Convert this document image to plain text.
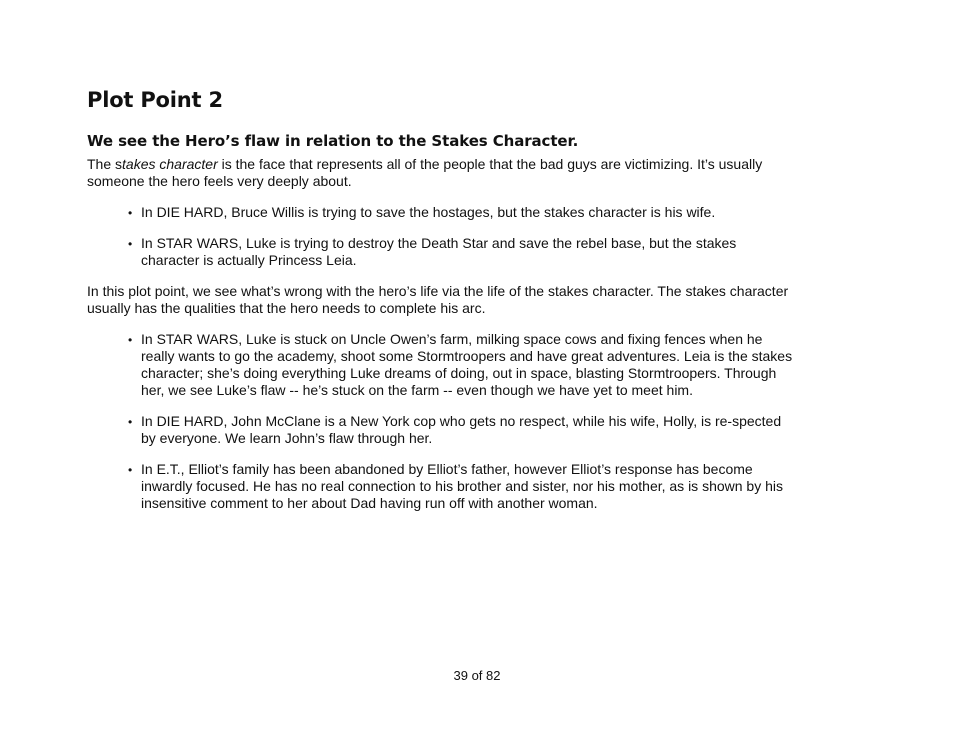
Plot Point 2
We see the Hero’s flaw in relation to the Stakes Character.

The stakes character is the face that represents all of the people that the bad guys are victimizing. It’s usually someone the hero feels very deeply about.

• In DIE HARD, Bruce Willis is trying to save the hostages, but the stakes character is his wife.
• In STAR WARS, Luke is trying to destroy the Death Star and save the rebel base, but the stakes character is actually Princess Leia.

In this plot point, we see what’s wrong with the hero’s life via the life of the stakes character. The stakes character usually has the qualities that the hero needs to complete his arc.

• In STAR WARS, Luke is stuck on Uncle Owen’s farm, milking space cows and fixing fences when he really wants to go the academy, shoot some Stormtroopers and have great adventures. Leia is the stakes character; she’s doing everything Luke dreams of doing, out in space, blasting Stormtroopers. Through her, we see Luke’s flaw -- he’s stuck on the farm -- even though we have yet to meet him.
• In DIE HARD, John McClane is a New York cop who gets no respect, while his wife, Holly, is re-spected by everyone. We learn John’s flaw through her.
• In E.T., Elliot’s family has been abandoned by Elliot’s father, however Elliot’s response has become inwardly focused. He has no real connection to his brother and sister, nor his mother, as is shown by his insensitive comment to her about Dad having run off with another woman.
39 of 82
